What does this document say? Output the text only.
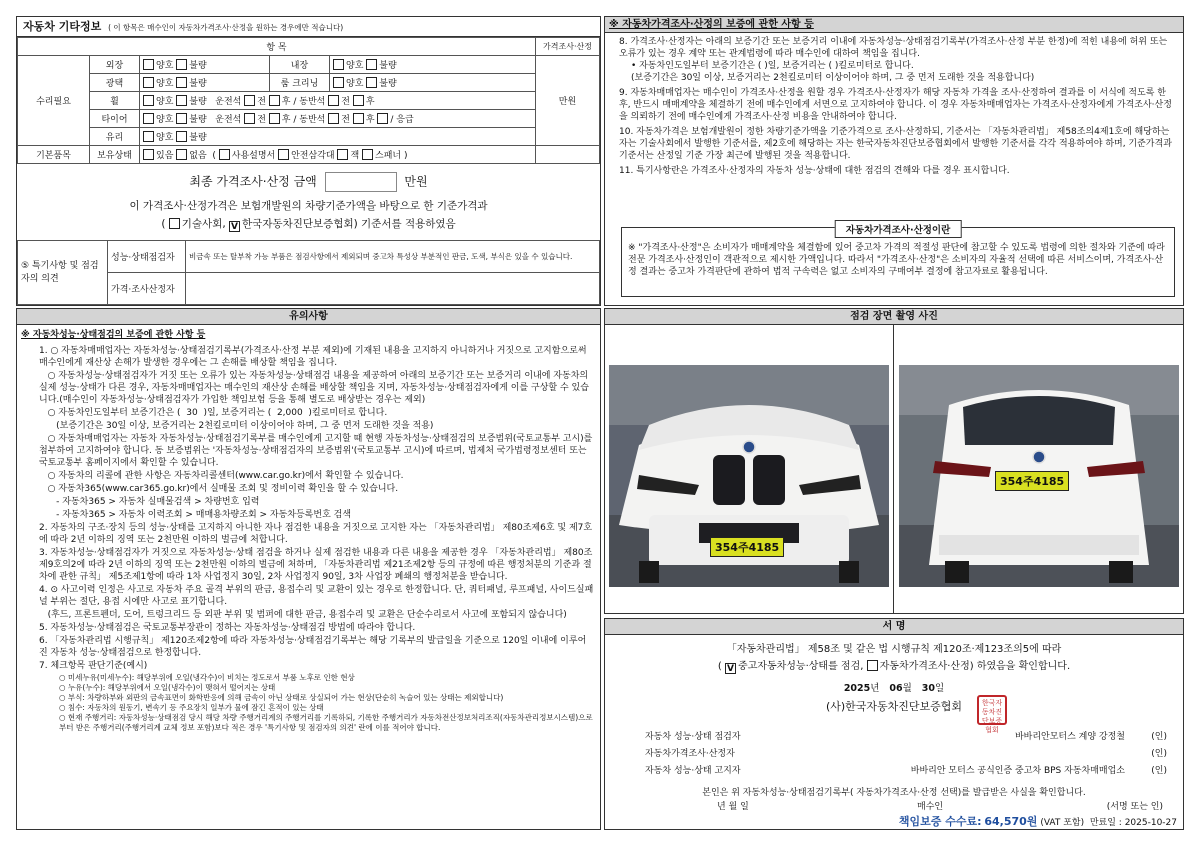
자동차 기타정보 ( 이 항목은 매수인이 자동차가격조사·산정을 원하는 경우에만 적습니다)
항 목					가격조사·산정
수리필요	외장	양호 불량	내장	양호 불량	만원
	광택	양호 불량	룸 크리닝	양호 불량	
	휠	양호 불량 운전석 전 후 / 동반석 전 후			
	타이어	양호 불량 운전석 전 후 / 동반석 전 후 / 응급			
	유리	양호 불량			
기본품목	보유상태	있음 없음  ( 사용설명서 안전삼각대 잭 스패너 )			
최종 가격조사·산정 금액	만원
이 가격조사·산정가격은 보험개발원의 차량기준가액을 바탕으로 한 기준가격과
( 기술사회, V 한국자동차진단보증협회) 기준서를 적용하였음
⑤ 특기사항 및 점검자의 의견	성능·상태점검자	비금속 또는 탈부착 가능 부품은 점검사항에서 제외되며 중고차 특성상 부분적인 판금, 도색, 부식은 있을 수 있습니다.
	가격·조사산정자	
※ 자동차가격조사·산정의 보증에 관한 사항 등
8. 가격조사·산정자는 아래의 보증기간 또는 보증거리 이내에 자동차성능·상태점검기록부(가격조사·산정 부분 한정)에 적힌 내용에 허위 또는 오류가 있는 경우 계약 또는 관계법령에 따라 매수인에 대하여 책임을 집니다.
• 자동차인도일부터 보증기간은 ( )일, 보증거리는 ( )킬로미터로 합니다.
(보증기간은 30일 이상, 보증거리는 2천킬로미터 이상이어야 하며, 그 중 먼저 도래한 것을 적용합니다)
9. 자동차매매업자는 매수인이 가격조사·산정을 원할 경우 가격조사·산정자가 해당 자동차 가격을 조사·산정하여 결과를 이 서식에 적도록 한 후, 반드시 매매계약을 체결하기 전에 매수인에게 서면으로 고지하여야 합니다. 이 경우 자동차매매업자는 가격조사·산정자에게 가격조사·산정을 의뢰하기 전에 매수인에게 가격조사·산정 비용을 안내하여야 합니다.
10. 자동차가격은 보험개발원이 정한 차량기준가액을 기준가격으로 조사·산정하되, 기준서는 「자동차관리법」 제58조의4제1호에 해당하는 자는 기술사회에서 발행한 기준서를, 제2호에 해당하는 자는 한국자동차진단보증협회에서 발행한 기준서를 각각 적용하여야 하며, 기준가격과 기준서는 산정일 기준 가장 최근에 발행된 것을 적용합니다.
11. 특기사항란은 가격조사·산정자의 자동차 성능·상태에 대한 점검의 견해와 다를 경우 표시합니다.
자동차가격조사·산정이란
※ "가격조사·산정"은 소비자가 매매계약을 체결함에 있어 중고차 가격의 적절성 판단에 참고할 수 있도록 법령에 의한 절차와 기준에 따라 전문 가격조사·산정인이 객관적으로 제시한 가액입니다. 따라서 "가격조사·산정"은 소비자의 자율적 선택에 따른 서비스이며, 가격조사·산정 결과는 중고차 가격판단에 관하여 법적 구속력은 없고 소비자의 구매여부 결정에 참고자료로 활용됩니다.
유의사항
※ 자동차성능·상태점검의 보증에 관한 사항 등
1. ○ 자동차매매업자는 자동차성능·상태점검기록부(가격조사·산정 부분 제외)에 기재된 내용을 고지하지 아니하거나 거짓으로 고지함으로써 매수인에게 재산상 손해가 발생한 경우에는 그 손해를 배상할 책임을 집니다.
○ 자동차성능·상태점검자가 거짓 또는 오류가 있는 자동차성능·상태점검 내용을 제공하여 아래의 보증기간 또는 보증거리 이내에 자동차의 실제 성능·상태가 다른 경우, 자동차매매업자는 매수인의 재산상 손해를 배상할 책임을 지며, 자동차성능·상태점검자에게 이를 구상할 수 있습니다.(매수인이 자동차성능·상태점검자가 가입한 책임보험 등을 통해 별도로 배상받는 경우는 제외)
○ 자동차인도일부터 보증기간은 (  30  )일, 보증거리는 (  2,000  )킬로미터로 합니다.
(보증기간은 30일 이상, 보증거리는 2천킬로미터 이상이어야 하며, 그 중 먼저 도래한 것을 적용)
○ 자동차매매업자는 자동차 자동차성능·상태점검기록부를 매수인에게 고지할 때 현행 자동차성능·상태점검의 보증범위(국토교통부 고시)를 첨부하여 고지하여야 합니다. 동 보증범위는 '자동차성능·상태점검자의 보증범위'(국토교통부 고시)에 따르며, 법제처 국가법령정보센터 또는 국토교통부 홈페이지에서 확인할 수 있습니다.
○ 자동차의 리콜에 관한 사항은 자동차리콜센터(www.car.go.kr)에서 확인할 수 있습니다.
○ 자동차365(www.car365.go.kr)에서 실매물 조회 및 정비이력 확인을 할 수 있습니다.
- 자동차365 > 자동차 실매물검색 > 차량번호 입력
- 자동차365 > 자동차 이력조회 > 매매용차량조회 > 자동차등록번호 검색
2. 자동차의 구조·장치 등의 성능·상태를 고지하지 아니한 자나 점검한 내용을 거짓으로 고지한 자는 「자동차관리법」 제80조제6호 및 제7호에 따라 2년 이하의 징역 또는 2천만원 이하의 벌금에 처합니다.
3. 자동차성능·상태점검자가 거짓으로 자동차성능·상태 점검을 하거나 실제 점검한 내용과 다른 내용을 제공한 경우 「자동차관리법」 제80조제9호의2에 따라 2년 이하의 징역 또는 2천만원 이하의 벌금에 처하며, 「자동차관리법 제21조제2항 등의 규정에 따른 행정처분의 기준과 절차에 관한 규칙」 제5조제1항에 따라 1차 사업정지 30일, 2차 사업정지 90일, 3차 사업장 폐쇄의 행정처분을 받습니다.
4. ⊙ 사고이력 인정은 사고로 자동차 주요 골격 부위의 판금, 용접수리 및 교환이 있는 경우로 한정합니다. 단, 쿼터패널, 루프패널, 사이드실패널 부위는 절단, 용접 시에만 사고로 표기합니다.
(후드, 프론트펜더, 도어, 트렁크리드 등 외판 부위 및 범퍼에 대한 판금, 용접수리 및 교환은 단순수리로서 사고에 포함되지 않습니다)
5. 자동차성능·상태점검은 국토교통부장관이 정하는 자동차성능·상태점검 방법에 따라야 합니다.
6. 「자동차관리법 시행규칙」 제120조제2항에 따라 자동차성능·상태점검기록부는 해당 기록부의 발급일을 기준으로 120일 이내에 이루어진 자동차 성능·상태점검으로 한정합니다.
7. 체크항목 판단기준(예시)
○ 미세누유(미세누수): 해당부위에 오일(냉각수)이 비치는 정도로서 부품 노후로 인한 현상
○ 누유(누수): 해당부위에서 오일(냉각수)이 맺혀서 떨어지는 상태
○ 부식: 차량하부와 외판의 금속표면이 화학반응에 의해 금속이 아닌 상태로 상실되어 가는 현상(단순히 녹슬어 있는 상태는 제외합니다)
○ 침수: 자동차의 원동기, 변속기 등 주요장치 일부가 물에 잠긴 흔적이 있는 상태
○ 현재 주행거리: 자동차성능·상태점검 당시 해당 차량 주행거리계의 주행거리를 기록하되, 기록한 주행거리가 자동차전산정보처리조직(자동차관리정보시스템)으로부터 받은 주행거리(주행거리계 교체 정보 포함)보다 적은 경우 '특기사항 및 점검자의 의견' 란에 이를 적어야 합니다.
점검 장면 촬영 사진
354주4185
354주4185
서 명
「자동차관리법」 제58조 및 같은 법 시행규칙 제120조·제123조의5에 따라
( V 중고자동차성능·상태를 점검, 자동차가격조사·산정) 하였음을 확인합니다.
2025년 06월 30일
(사)한국자동차진단보증협회	한국자동차진단보증협회
자동차 성능·상태 점검자	바바리안모터스 계양 강정철	(인)
자동차가격조사·산정자	(인)
자동차 성능·상태 고지자	바바리안 모터스 공식인증 중고차 BPS 자동차매매업소	(인)
본인은 위 자동차성능·상태점검기록부( 자동차가격조사·산정 선택)를 발급받은 사실을 확인합니다.
년 월 일	매수인	(서명 또는 인)
책임보증 수수료: 64,570원 (VAT 포함) 만료일 : 2025-10-27
